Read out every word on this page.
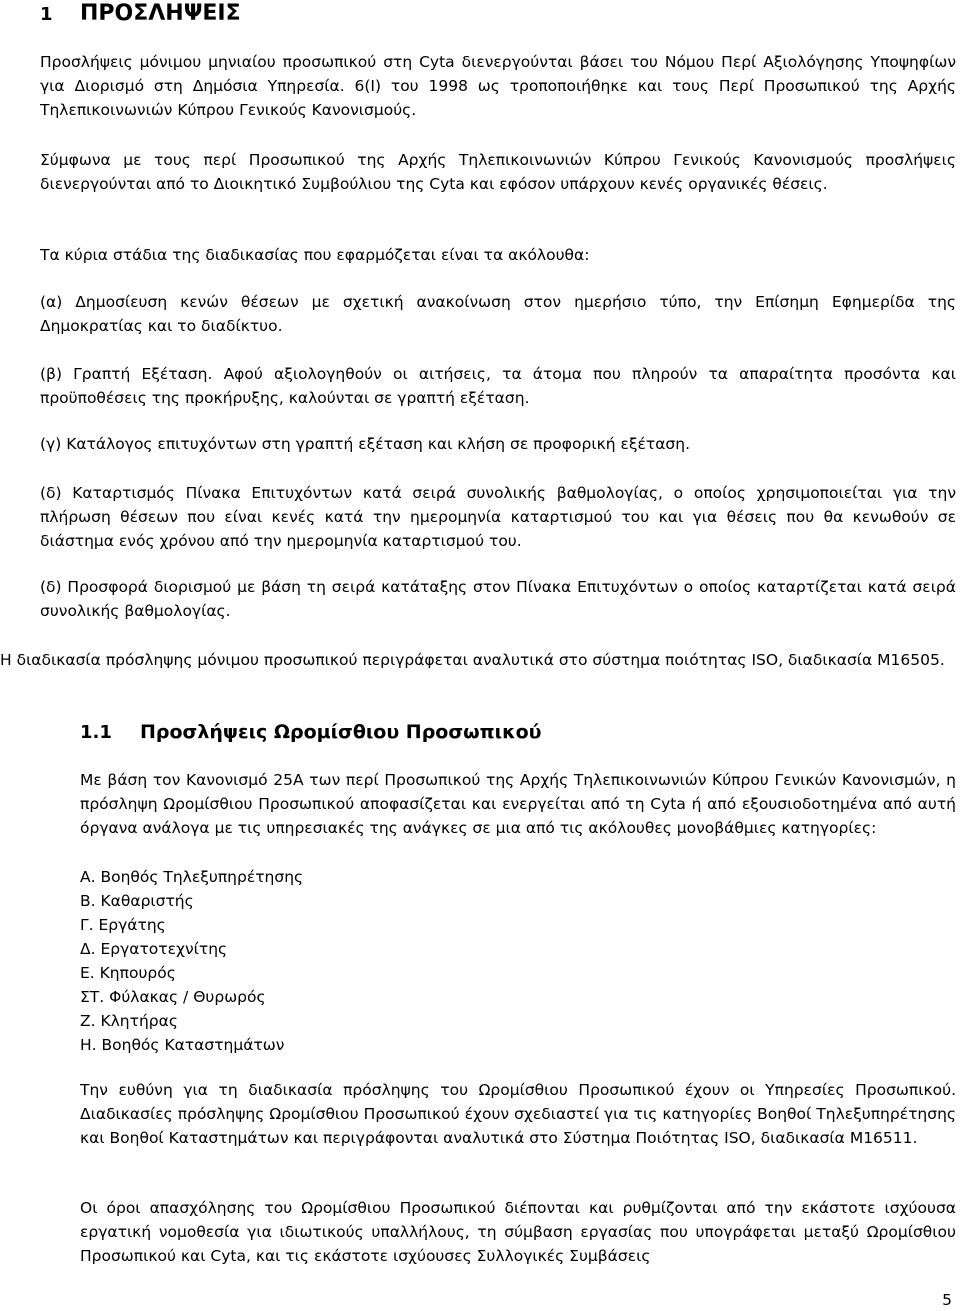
1 ΠΡΟΣΛΗΨΕΙΣ
Προσλήψεις μόνιμου μηνιαίου προσωπικού στη Cyta διενεργούνται βάσει του Νόμου Περί Αξιολόγησης Υποψηφίων για Διορισμό στη Δημόσια Υπηρεσία. 6(Ι) του 1998 ως τροποποιήθηκε και τους Περί Προσωπικού της Αρχής Τηλεπικοινωνιών Κύπρου Γενικούς Κανονισμούς.
Σύμφωνα με τους περί Προσωπικού της Αρχής Τηλεπικοινωνιών Κύπρου Γενικούς Κανονισμούς προσλήψεις διενεργούνται από το Διοικητικό Συμβούλιου της Cyta και εφόσον υπάρχουν κενές οργανικές θέσεις.
Τα κύρια στάδια της διαδικασίας που εφαρμόζεται είναι τα ακόλουθα:
(α) Δημοσίευση κενών θέσεων με σχετική ανακοίνωση στον ημερήσιο τύπο, την Επίσημη Εφημερίδα της Δημοκρατίας και το διαδίκτυο.
(β) Γραπτή Εξέταση. Αφού αξιολογηθούν οι αιτήσεις, τα άτομα που πληρούν τα απαραίτητα προσόντα και προϋποθέσεις της προκήρυξης, καλούνται σε γραπτή εξέταση.
(γ) Κατάλογος επιτυχόντων στη γραπτή εξέταση και κλήση σε προφορική εξέταση.
(δ) Καταρτισμός Πίνακα Επιτυχόντων κατά σειρά συνολικής βαθμολογίας, ο οποίος χρησιμοποιείται για την πλήρωση θέσεων που είναι κενές κατά την ημερομηνία καταρτισμού του και για θέσεις που θα κενωθούν σε διάστημα ενός χρόνου από την ημερομηνία καταρτισμού του.
(δ) Προσφορά διορισμού με βάση τη σειρά κατάταξης στον Πίνακα Επιτυχόντων ο οποίος καταρτίζεται κατά σειρά συνολικής βαθμολογίας.
Η διαδικασία πρόσληψης μόνιμου προσωπικού περιγράφεται αναλυτικά στο σύστημα ποιότητας ISO, διαδικασία Μ16505.
1.1 Προσλήψεις Ωρομίσθιου Προσωπικού
Με βάση τον Κανονισμό 25Α των περί Προσωπικού της Αρχής Τηλεπικοινωνιών Κύπρου Γενικών Κανονισμών, η πρόσληψη Ωρομίσθιου Προσωπικού αποφασίζεται και ενεργείται από τη Cyta ή από εξουσιοδοτημένα από αυτή όργανα ανάλογα με τις υπηρεσιακές της ανάγκες σε μια από τις ακόλουθες μονοβάθμιες κατηγορίες:
Α. Βοηθός Τηλεξυπηρέτησης
Β. Καθαριστής
Γ. Εργάτης
Δ. Εργατοτεχνίτης
Ε. Κηπουρός
ΣΤ. Φύλακας / Θυρωρός
Ζ. Κλητήρας
Η. Βοηθός Καταστημάτων
Την ευθύνη για τη διαδικασία πρόσληψης του Ωρομίσθιου Προσωπικού έχουν οι Υπηρεσίες Προσωπικού. Διαδικασίες πρόσληψης Ωρομίσθιου Προσωπικού έχουν σχεδιαστεί για τις κατηγορίες Βοηθοί Τηλεξυπηρέτησης και Βοηθοί Καταστημάτων και περιγράφονται αναλυτικά στο Σύστημα Ποιότητας ISO, διαδικασία Μ16511.
Οι όροι απασχόλησης του Ωρομίσθιου Προσωπικού διέπονται και ρυθμίζονται από την εκάστοτε ισχύουσα εργατική νομοθεσία για ιδιωτικούς υπαλλήλους, τη σύμβαση εργασίας που υπογράφεται μεταξύ Ωρομίσθιου Προσωπικού και Cyta, και τις εκάστοτε ισχύουσες Συλλογικές Συμβάσεις
5
